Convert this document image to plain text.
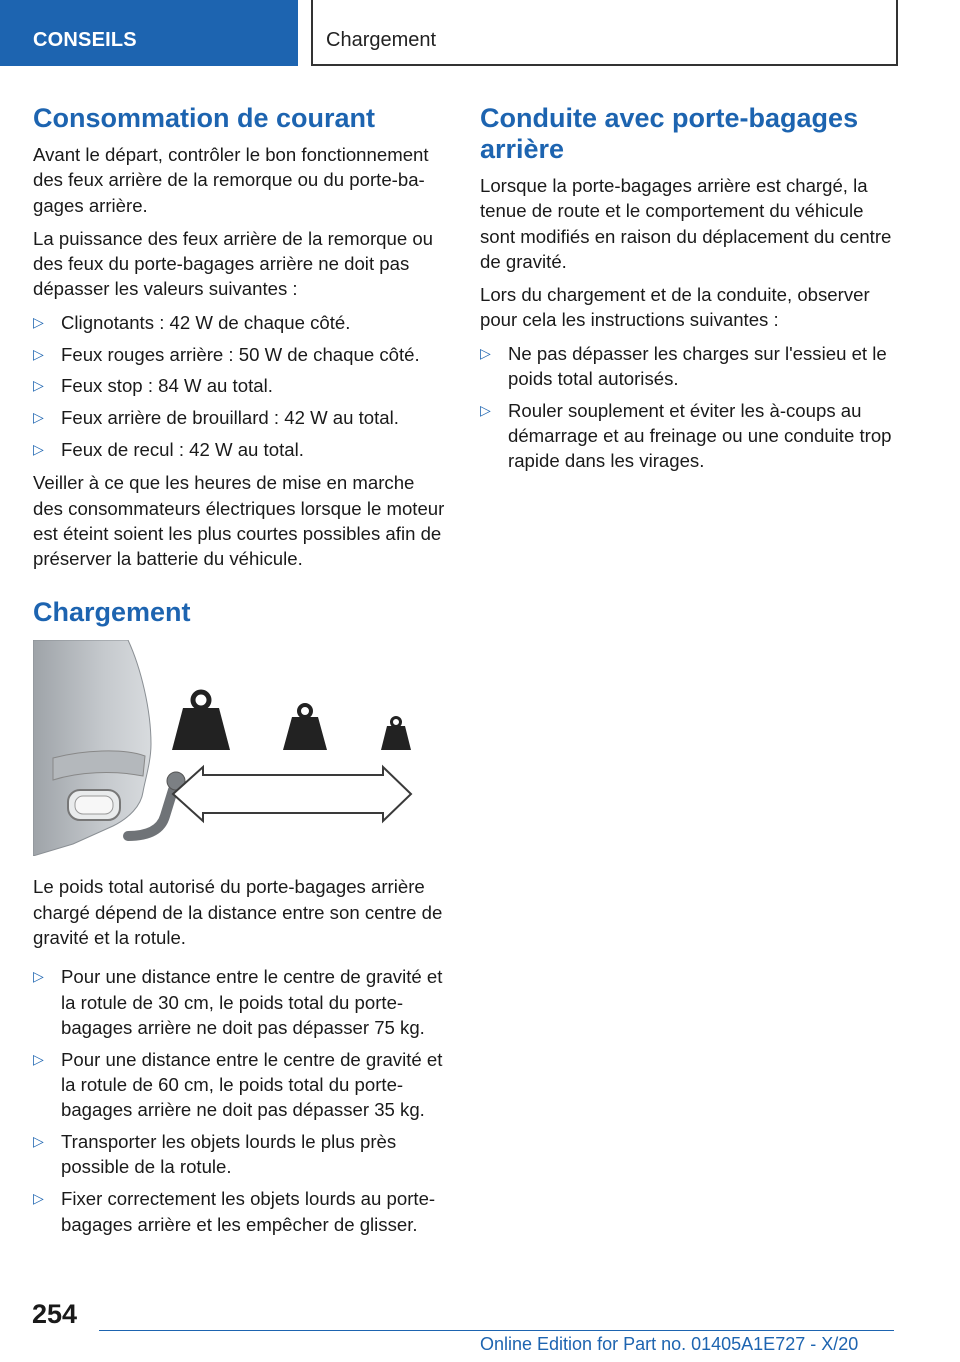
CONSEILS	Chargement
Consommation de courant

Avant le départ, contrôler le bon fonctionnement des feux arrière de la remorque ou du porte-bagages arrière.

La puissance des feux arrière de la remorque ou des feux du porte-bagages arrière ne doit pas dépasser les valeurs suivantes :

▷ Clignotants : 42 W de chaque côté.
▷ Feux rouges arrière : 50 W de chaque côté.
▷ Feux stop : 84 W au total.
▷ Feux arrière de brouillard : 42 W au total.
▷ Feux de recul : 42 W au total.

Veiller à ce que les heures de mise en marche des consommateurs électriques lorsque le moteur est éteint soient les plus courtes possibles afin de préserver la batterie du véhicule.

Chargement

Le poids total autorisé du porte-bagages arrière chargé dépend de la distance entre son centre de gravité et la rotule.

▷ Pour une distance entre le centre de gravité et la rotule de 30 cm, le poids total du porte-bagages arrière ne doit pas dépasser 75 kg.
▷ Pour une distance entre le centre de gravité et la rotule de 60 cm, le poids total du porte-bagages arrière ne doit pas dépasser 35 kg.
▷ Transporter les objets lourds le plus près possible de la rotule.
▷ Fixer correctement les objets lourds au porte-bagages arrière et les empêcher de glisser.
Conduite avec porte-bagages arrière

Lorsque la porte-bagages arrière est chargé, la tenue de route et le comportement du véhicule sont modifiés en raison du déplacement du centre de gravité.

Lors du chargement et de la conduite, observer pour cela les instructions suivantes :

▷ Ne pas dépasser les charges sur l'essieu et le poids total autorisés.
▷ Rouler souplement et éviter les à-coups au démarrage et au freinage ou une conduite trop rapide dans les virages.
254
Online Edition for Part no. 01405A1E727 - X/20
